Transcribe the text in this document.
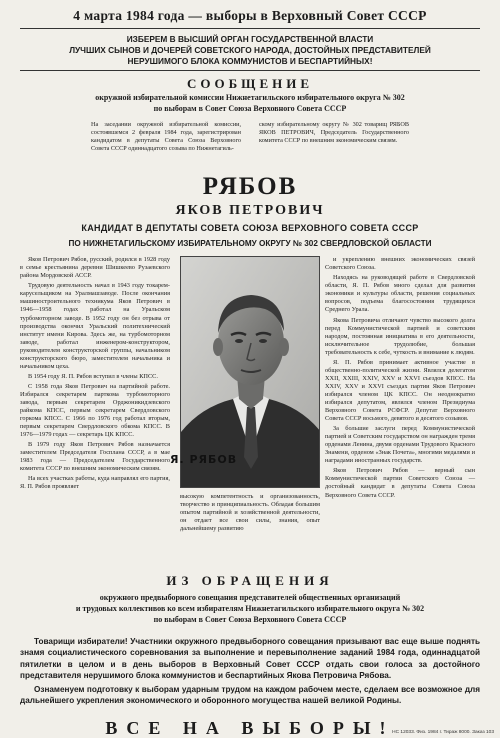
4 марта 1984 года — выборы в Верховный Совет СССР
ИЗБЕРЕМ В ВЫСШИЙ ОРГАН ГОСУДАРСТВЕННОЙ ВЛАСТИ
ЛУЧШИХ СЫНОВ И ДОЧЕРЕЙ СОВЕТСКОГО НАРОДА, ДОСТОЙНЫХ ПРЕДСТАВИТЕЛЕЙ
НЕРУШИМОГО БЛОКА КОММУНИСТОВ И БЕСПАРТИЙНЫХ!
СООБЩЕНИЕ
окружной избирательной комиссии Нижнетагильского избирательного округа № 302
по выборам в Совет Союза Верховного Совета СССР
На заседании окружной избирательной комиссии, состоявшемся 2 февраля 1984 года, зарегистрирован кандидатом в депутаты Совета Союза Верховного Совета СССР одиннадцатого созыва по Нижнетагиль-
скому избирательному округу № 302 товарищ РЯБОВ ЯКОВ ПЕТРОВИЧ, Председатель Государственного комитета СССР по внешним экономическим связям.
РЯБОВ
ЯКОВ ПЕТРОВИЧ
КАНДИДАТ В ДЕПУТАТЫ СОВЕТА СОЮЗА ВЕРХОВНОГО СОВЕТА СССР
ПО НИЖНЕТАГИЛЬСКОМУ ИЗБИРАТЕЛЬНОМУ ОКРУГУ № 302 СВЕРДЛОВСКОЙ ОБЛАСТИ

Яков Петрович Рябов, русский, родился в 1928 году в семье крестьянина деревни Шишкеево Рузаевского района Мордовской АССР.

Трудовую деятельность начал в 1943 году токарем-карусельщиком на Уралмашзаводе. После окончания машиностроительного техникума Яков Петрович в 1946—1958 годах работал на Уральском турбомоторном заводе. В 1952 году он без отрыва от производства окончил Уральский политехнический институт имени Кирова. Здесь же, на турбомоторном заводе, работал инженером-конструктором, руководителем конструкторской группы, начальником конструкторского бюро, заместителем начальника и начальником цеха.

В 1954 году Я. П. Рябов вступил в члены КПСС.

С 1958 года Яков Петрович на партийной работе. Избирался секретарем парткома турбомоторного завода, первым секретарем Орджоникидзевского райкома КПСС, первым секретарем Свердловского горкома КПСС. С 1966 по 1976 год работал вторым, первым секретарем Свердловского обкома КПСС. В 1976—1979 годах — секретарь ЦК КПСС.

В 1979 году Яков Петрович Рябов назначается заместителем Председателя Госплана СССР, а в мае 1983 года — Председателем Государственного комитета СССР по внешним экономическим связям.

На всех участках работы, куда направлял его партия, Я. П. Рябов проявляет

Я. РЯБОВ
высокую компетентность и организованность, творчество и принципиальность. Обладая большим опытом партийной и хозяйственной деятельности, он отдает все свои силы, знания, опыт дальнейшему развитию

и укреплению внешних экономических связей Советского Союза.

Находясь на руководящей работе в Свердловской области, Я. П. Рябов много сделал для развития экономики и культуры области, решения социальных вопросов, подъема благосостояния трудящихся Среднего Урала.

Якова Петровича отличают чувство высокого долга перед Коммунистической партией и советским народом, постоянная инициатива в его деятельности, исключительное трудолюбие, большая требовательность к себе, чуткость и внимание к людям.

Я. П. Рябов принимает активное участие в общественно-политической жизни. Являлся делегатом XXII, XXIII, XXIV, XXV и XXVI съездов КПСС. На XXIV, XXV и XXVI съездах партии Яков Петрович избирался членом ЦК КПСС. Он неоднократно избирался депутатом, являлся членом Президиума Верховного Совета РСФСР. Депутат Верховного Совета СССР восьмого, девятого и десятого созывов.

За большие заслуги перед Коммунистической партией и Советским государством он награжден тремя орденами Ленина, двумя орденами Трудового Красного Знамени, орденом «Знак Почета», многими медалями и наградами иностранных государств.

Яков Петрович Рябов — верный сын Коммунистической партии Советского Союза — достойный кандидат в депутаты Совета Союза Верховного Совета СССР.

ИЗ ОБРАЩЕНИЯ
окружного предвыборного совещания представителей общественных организаций
и трудовых коллективов ко всем избирателям Нижнетагильского избирательного округа № 302
по выборам в Совет Союза Верховного Совета СССР

Товарищи избиратели! Участники окружного предвыборного совещания призывают вас еще выше поднять знамя социалистического соревнования за выполнение и перевыполнение заданий 1984 года, одиннадцатой пятилетки в целом и в день выборов в Верховный Совет СССР отдать свои голоса за достойного представителя нерушимого блока коммунистов и беспартийных Якова Петровича Рябова.

Ознаменуем подготовку к выборам ударным трудом на каждом рабочем месте, сделаем все возможное для дальнейшего укрепления экономического и оборонного могущества нашей великой Родины.

ВСЕ НА ВЫБОРЫ!
НС 12033. Физ. 1984 г. Тираж 8000. Заказ 103
